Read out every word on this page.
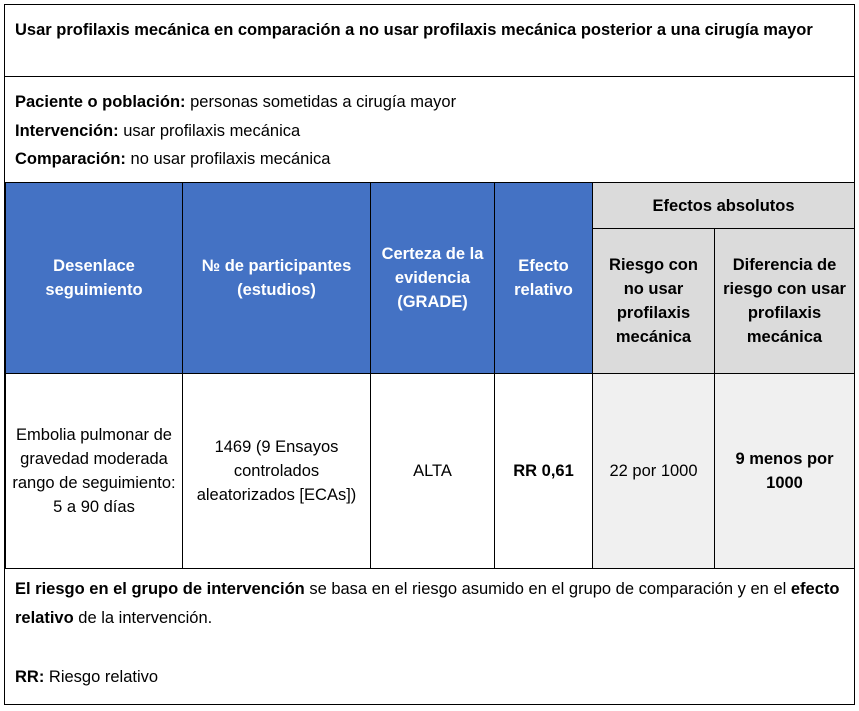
Usar profilaxis mecánica en comparación a no usar profilaxis mecánica posterior a una cirugía mayor
Paciente o población: personas sometidas a cirugía mayor
Intervención: usar profilaxis mecánica
Comparación: no usar profilaxis mecánica
Desenlace seguimiento	№ de participantes (estudios)	Certeza de la evidencia (GRADE)	Efecto relativo	Efectos absolutos	
				Riesgo con no usar profilaxis mecánica	Diferencia de riesgo con usar profilaxis mecánica
Embolia pulmonar de gravedad moderada rango de seguimiento: 5 a 90 días	1469 (9 Ensayos controlados aleatorizados [ECAs])	ALTA	RR 0,61	22 por 1000	9 menos por 1000
El riesgo en el grupo de intervención se basa en el riesgo asumido en el grupo de comparación y en el efecto relativo de la intervención.
RR: Riesgo relativo
